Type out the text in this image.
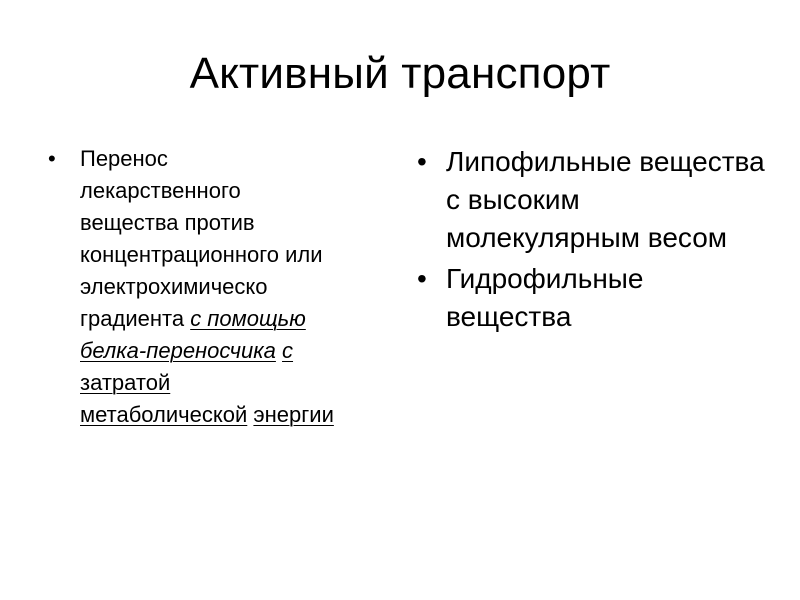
Активный транспорт
• Перенос
лекарственного
вещества против
концентрационного или
электрохимическо
градиента с помощью
белка-переносчика с
затратой
метаболической энергии
• Липофильные вещества с высоким молекулярным весом
• Гидрофильные вещества
